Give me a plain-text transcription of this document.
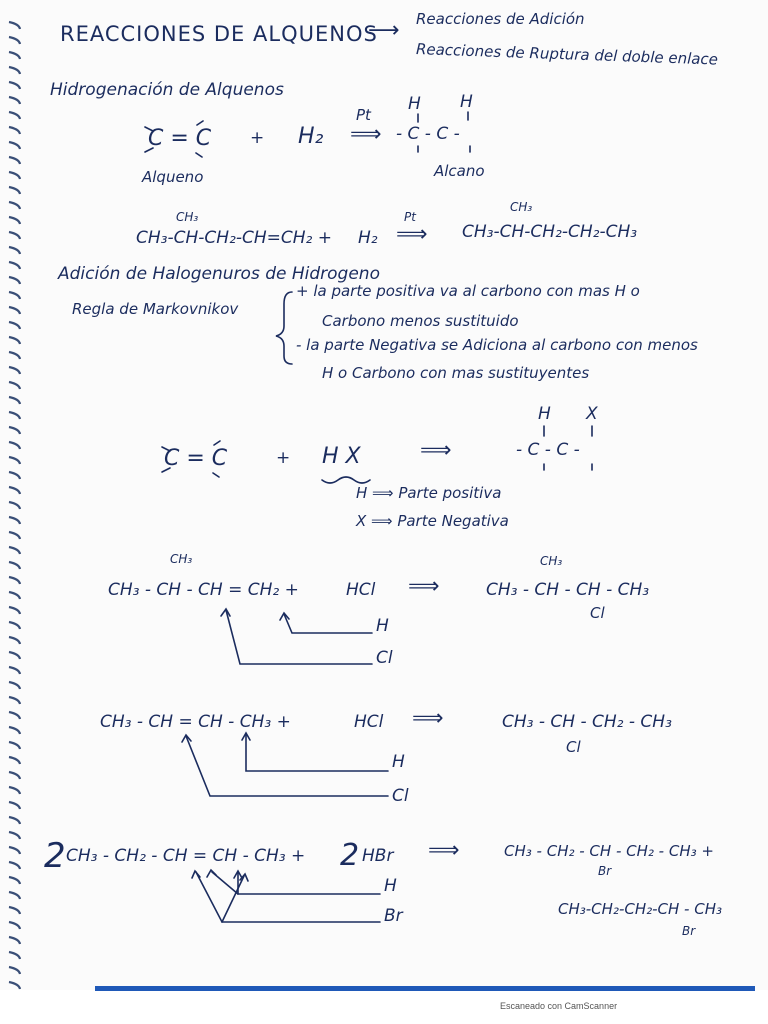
REACCIONES DE ALQUENOS
⟶ Reacciones de Adición
Reacciones de Ruptura del doble enlace
Hidrogenación de Alquenos
C = C + H₂
Pt
⟹
H H
- C - C -
Alqueno	Alcano
CH₃
CH₃-CH-CH₂-CH=CH₂ + H₂
Pt
⟹
CH₃
CH₃-CH-CH₂-CH₂-CH₃
Adición de Halogenuros de Hidrogeno
Regla de Markovnikov
+ la parte positiva va al carbono con mas H o
Carbono menos sustituido
- la parte Negativa se Adiciona al carbono con menos
H o Carbono con mas sustituyentes
C = C	+ H X	⟹
H X
- C - C -
H ⟹ Parte positiva
X ⟹ Parte Negativa
CH₃
CH₃ - CH - CH = CH₂ +	HCl ⟹
CH₃
CH₃ - CH - CH - CH₃
Cl
H
Cl
CH₃ - CH = CH - CH₃ +	HCl ⟹	CH₃ - CH - CH₂ - CH₃
Cl
H
Cl
2 CH₃ - CH₂ - CH = CH - CH₃ + 2 HBr ⟹	CH₃ - CH₂ - CH - CH₂ - CH₃ +
Br
CH₃-CH₂-CH₂-CH - CH₃
Br
H
Br
Escaneado con CamScanner
